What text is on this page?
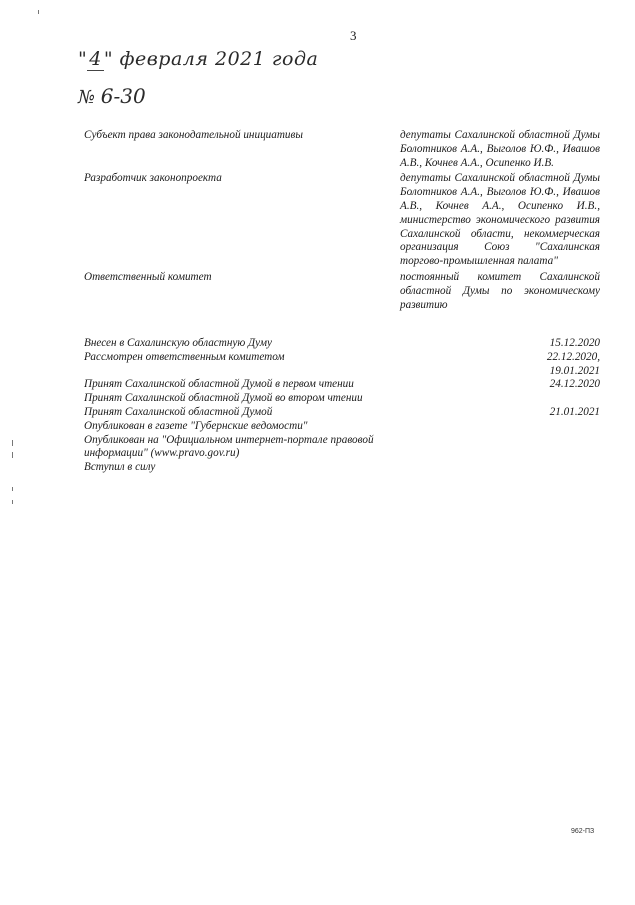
3
" 4 " февраля 2021 года
№ 6-30
Субъект права законодательной инициативы	депутаты Сахалинской областной Думы Болотников А.А., Выголов Ю.Ф., Ивашов А.В., Кочнев А.А., Осипенко И.В.
Разработчик законопроекта	депутаты Сахалинской областной Думы Болотников А.А., Выголов Ю.Ф., Ивашов А.В., Кочнев А.А., Осипенко И.В., министерство экономического развития Сахалинской области, некоммерческая организация Союз "Сахалинская торгово-промышленная палата"
Ответственный комитет	постоянный комитет Сахалинской областной Думы по экономическому развитию
Внесен в Сахалинскую областную Думу	15.12.2020
Рассмотрен ответственным комитетом	22.12.2020, 19.01.2021
Принят Сахалинской областной Думой в первом чтении	24.12.2020
Принят Сахалинской областной Думой во втором чтении
Принят Сахалинской областной Думой	21.01.2021
Опубликован в газете "Губернские ведомости"
Опубликован на "Официальном интернет-портале правовой информации" (www.pravo.gov.ru)
Вступил в силу
962-ПЗ
